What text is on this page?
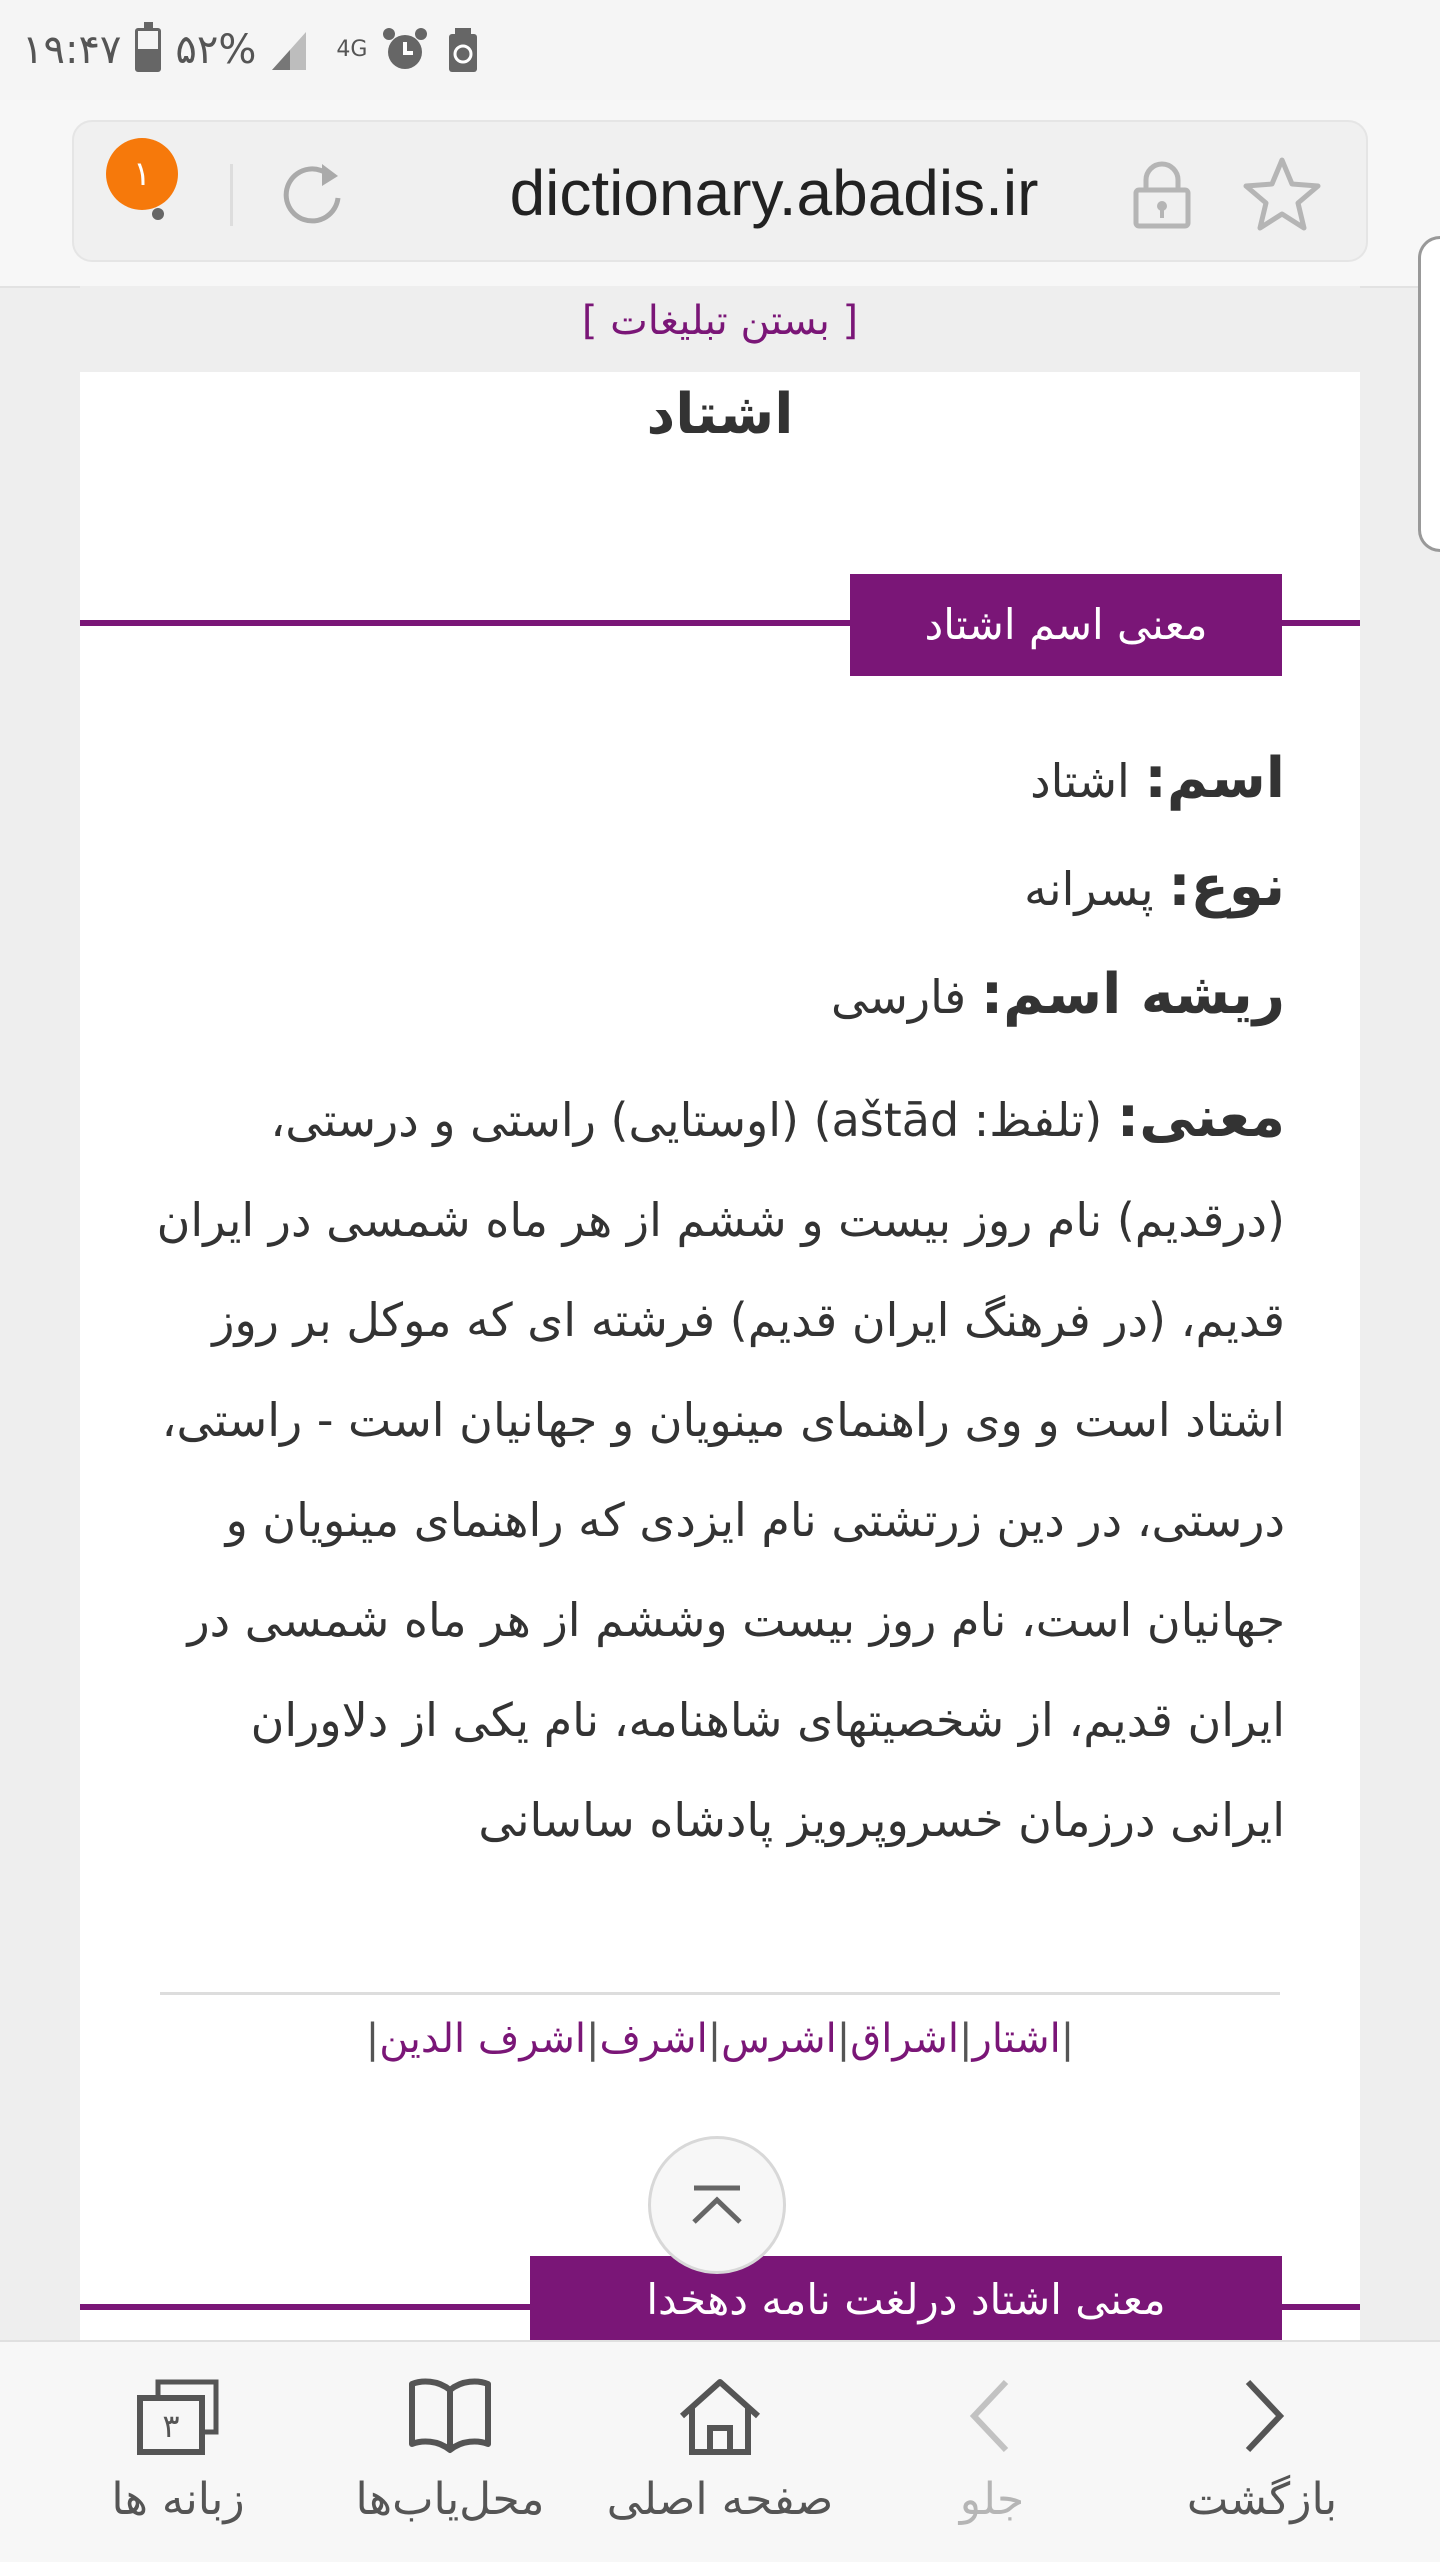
۱۹:۴۷ ۵۲%	4G
۱	dictionary.abadis.ir
[ بستن تبلیغات ]
اشتاد
معنی اسم اشتاد
اسم: اشتاد
نوع: پسرانه
ریشه اسم: فارسی
معنی: (تلفظ: aštād) (اوستایی) راستی و درستی، (درقدیم) نام روز بیست و ششم از هر ماه شمسی در ایران قدیم، (در فرهنگ ایران قدیم) فرشته ای که موکل بر روز اشتاد است و وی راهنمای مینویان و جهانیان است - راستی، درستی، در دین زرتشتی نام ایزدی که راهنمای مینویان و جهانیان است، نام روز بیست وششم از هر ماه شمسی در ایران قدیم، از شخصیتهای شاهنامه، نام یکی از دلاوران ایرانی درزمان خسروپرویز پادشاه ساسانی
|اشتار|اشراق|اشرس|اشرف|اشرف الدین|
معنی اشتاد درلغت نامه دهخدا
بازگشت
جلو
صفحه اصلی
محل‌یاب‌ها
۳
زبانه ها
